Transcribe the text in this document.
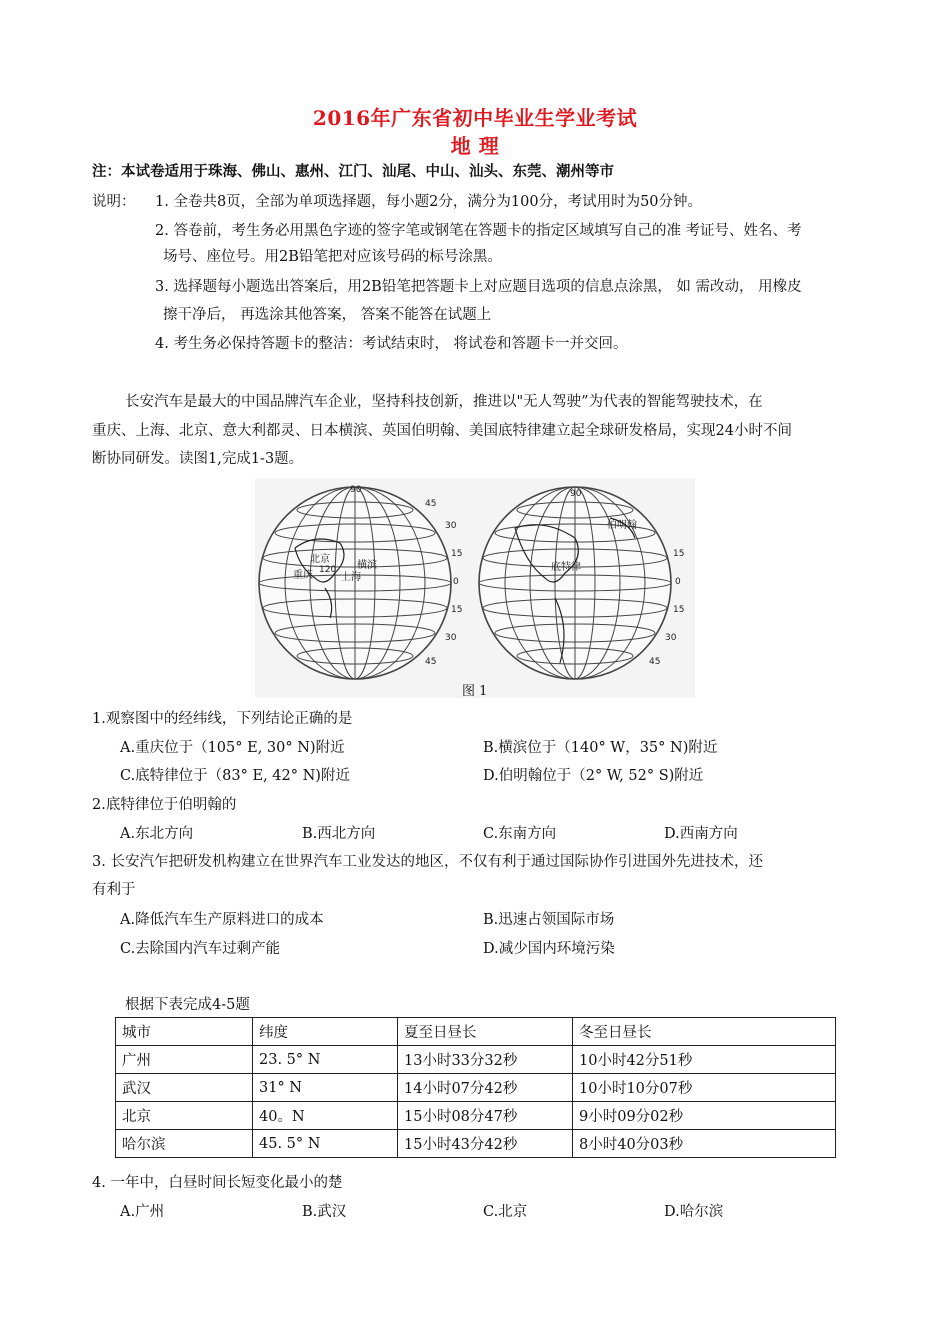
2016年广东省初中毕业生学业考试
地 理
注：本试卷适用于珠海、佛山、惠州、江门、汕尾、中山、汕头、东莞、潮州等市
说明： 1. 全卷共8页，全部为单项选择题，每小题2分，满分为100分，考试用时为50分钟。
2. 答卷前，考生务必用黑色字迹的签字笔或钢笔在答题卡的指定区域填写自己的准 考证号、姓名、考
场号、座位号。用2B铅笔把对应该号码的标号涂黑。
3. 选择题每小题选出答案后，用2B铅笔把答题卡上对应题目选项的信息点涂黑， 如 需改动， 用橡皮
擦干净后， 再选涂其他答案， 答案不能答在试题上
4. 考生务必保持答题卡的整洁：考试结束时， 将试卷和答题卡一并交回。
长安汽车是最大的中国品牌汽车企业，坚持科技创新，推进以"无人驾驶”为代表的智能驾驶技术，在
重庆、上海、北京、意大利都灵、日本横滨、英国伯明翰、美国底特律建立起全球研发格局，实现24小时不间
断协同研发。读图1,完成1-3题。
90
45
30
15
0
15
30
45
120
北京
重庆	上海
横滨
90
15
0
15
30
45
伯明翰
底特律
图 1
1.观察图中的经纬线，下列结论正确的是
A.重庆位于（105° E, 30° N)附近	B.横滨位于（140° W，35° N)附近
C.底特律位于（83° E, 42° N)附近	D.伯明翰位于（2° W, 52° S)附近
2.底特律位于伯明翰的
A.东北方向	B.西北方向	C.东南方向	D.西南方向
3. 长安汽乍把研发机构建立在世界汽车工业发达的地区，不仅有利于通过国际协作引进国外先进技术，还
有利于
A.降低汽车生产原料进口的成本	B.迅速占领国际市场
C.去除国内汽车过剩产能	D.减少国内环境污染
根据下表完成4-5题
城市	纬度	夏至日昼长	冬至日昼长
广州	23. 5° N	13小时33分32秒	10小时42分51秒
武汉	31° N	14小时07分42秒	10小时10分07秒
北京	40。N	15小时08分47秒	9小时09分02秒
哈尔滨	45. 5° N	15小时43分42秒	8小时40分03秒
4. 一年中，白昼时间长短变化最小的楚
A.广州	B.武汉	C.北京	D.哈尔滨
